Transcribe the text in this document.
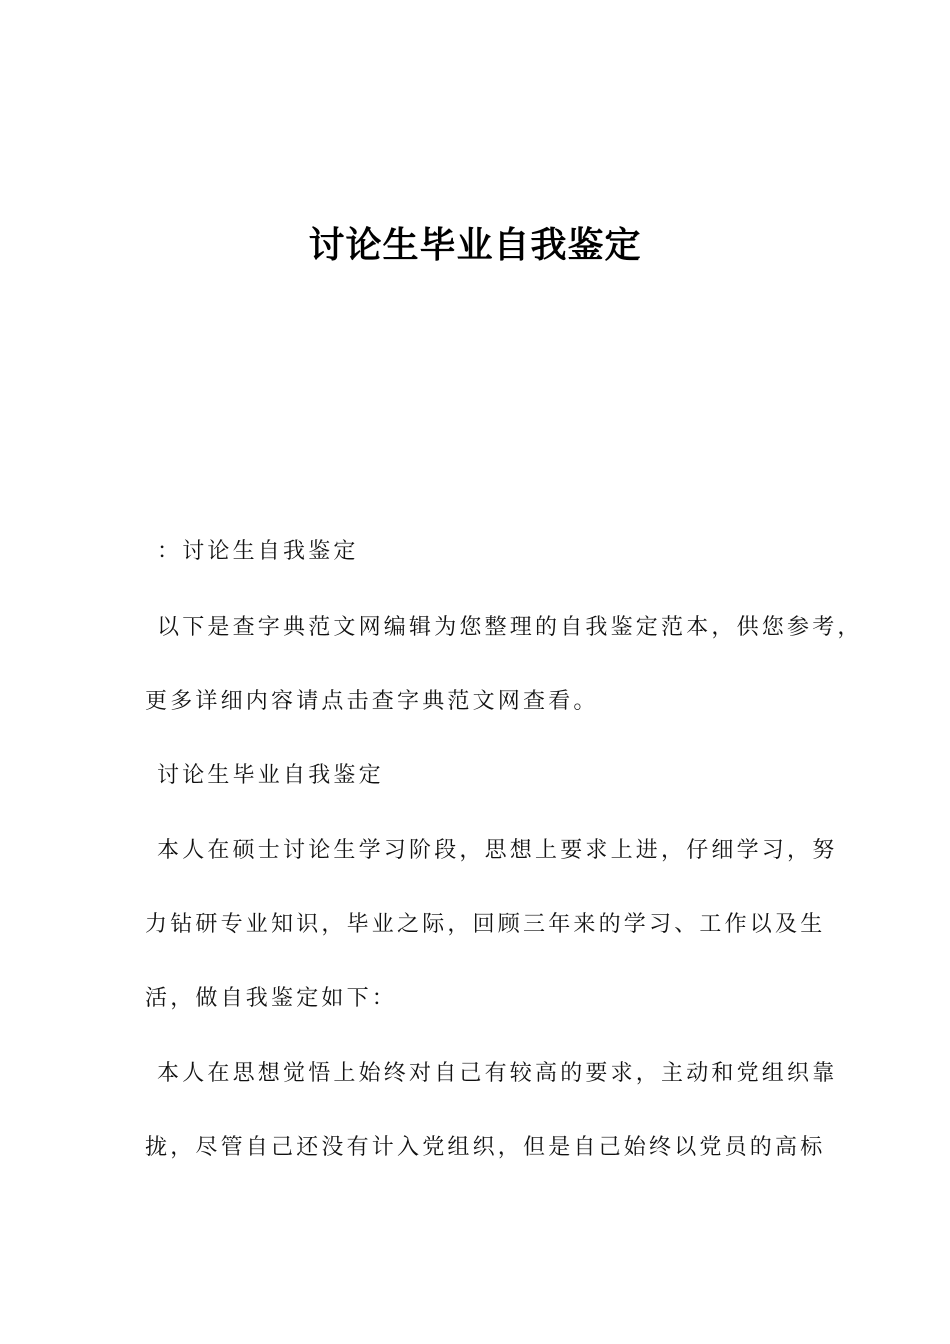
讨论生毕业自我鉴定
：讨论生自我鉴定
以下是查字典范文网编辑为您整理的自我鉴定范本，供您参考，
更多详细内容请点击查字典范文网查看。
讨论生毕业自我鉴定
本人在硕士讨论生学习阶段，思想上要求上进，仔细学习，努
力钻研专业知识，毕业之际，回顾三年来的学习、工作以及生
活，做自我鉴定如下：
本人在思想觉悟上始终对自己有较高的要求，主动和党组织靠
拢，尽管自己还没有计入党组织，但是自己始终以党员的高标
